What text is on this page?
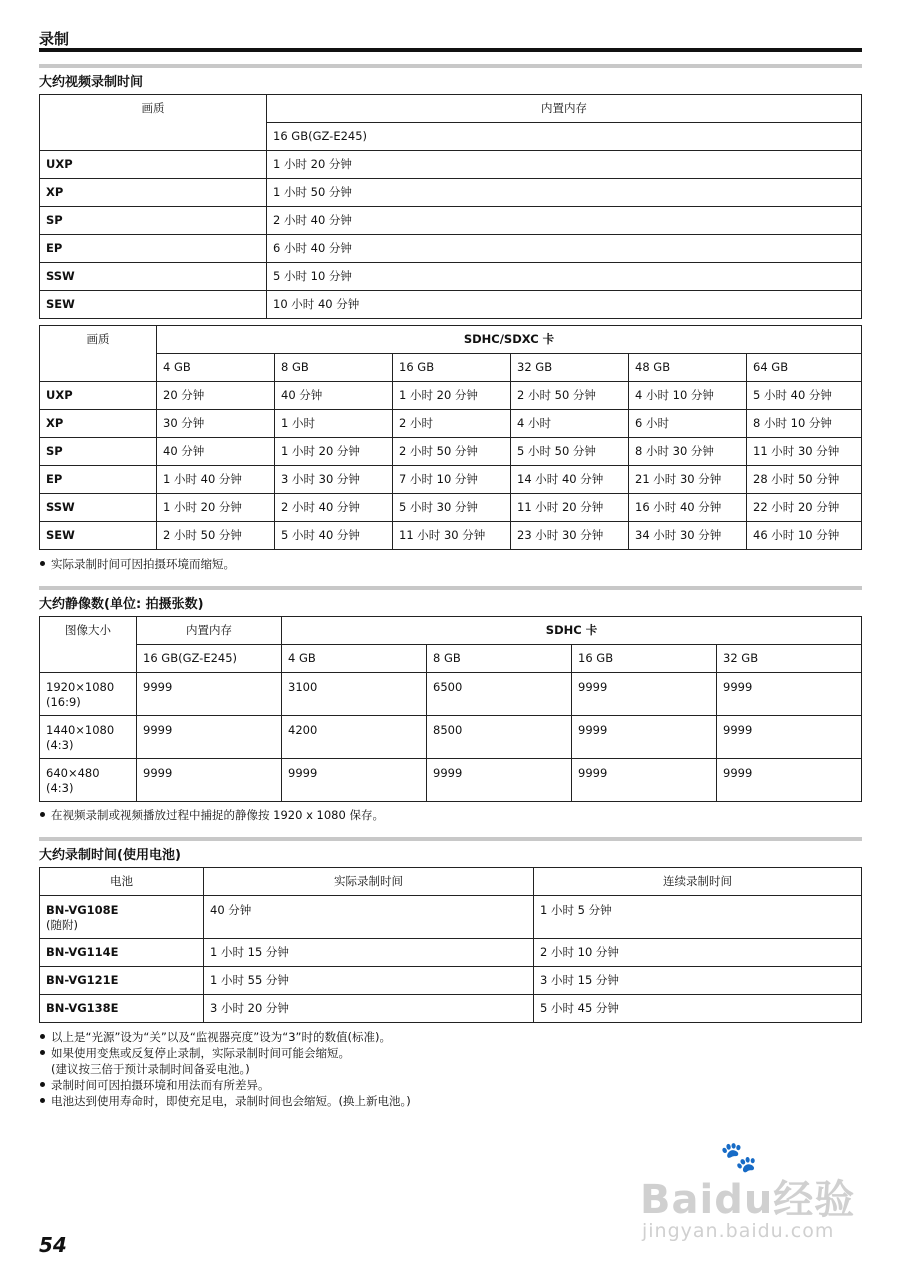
录制
大约视频录制时间
画质	内置内存
	16 GB(GZ-E245)
UXP	1 小时 20 分钟
XP	1 小时 50 分钟
SP	2 小时 40 分钟
EP	6 小时 40 分钟
SSW	5 小时 10 分钟
SEW	10 小时 40 分钟
画质	SDHC/SDXC 卡					
	4 GB	8 GB	16 GB	32 GB	48 GB	64 GB
UXP	20 分钟	40 分钟	1 小时 20 分钟	2 小时 50 分钟	4 小时 10 分钟	5 小时 40 分钟
XP	30 分钟	1 小时	2 小时	4 小时	6 小时	8 小时 10 分钟
SP	40 分钟	1 小时 20 分钟	2 小时 50 分钟	5 小时 50 分钟	8 小时 30 分钟	11 小时 30 分钟
EP	1 小时 40 分钟	3 小时 30 分钟	7 小时 10 分钟	14 小时 40 分钟	21 小时 30 分钟	28 小时 50 分钟
SSW	1 小时 20 分钟	2 小时 40 分钟	5 小时 30 分钟	11 小时 20 分钟	16 小时 40 分钟	22 小时 20 分钟
SEW	2 小时 50 分钟	5 小时 40 分钟	11 小时 30 分钟	23 小时 30 分钟	34 小时 30 分钟	46 小时 10 分钟
实际录制时间可因拍摄环境而缩短。
大约静像数(单位: 拍摄张数)
图像大小	内置内存	SDHC 卡			
	16 GB(GZ-E245)	4 GB	8 GB	16 GB	32 GB

1920×1080
(16:9)	9999	3100	6500	9999	9999

1440×1080
(4:3)	9999	4200	8500	9999	9999

640×480
(4:3)	9999	9999	9999	9999	9999
在视频录制或视频播放过程中捕捉的静像按 1920 x 1080 保存。
大约录制时间(使用电池)
电池	实际录制时间	连续录制时间

BN-VG108E
(随附)	40 分钟	1 小时 5 分钟
BN-VG114E	1 小时 15 分钟	2 小时 10 分钟
BN-VG121E	1 小时 55 分钟	3 小时 15 分钟
BN-VG138E	3 小时 20 分钟	5 小时 45 分钟
以上是“光源”设为“关”以及“监视器亮度”设为“3”时的数值(标准)。
如果使用变焦或反复停止录制，实际录制时间可能会缩短。
(建议按三倍于预计录制时间备妥电池。)
录制时间可因拍摄环境和用法而有所差异。
电池达到使用寿命时，即使充足电，录制时间也会缩短。(换上新电池。)
🐾
Baidu经验
jingyan.baidu.com
54
